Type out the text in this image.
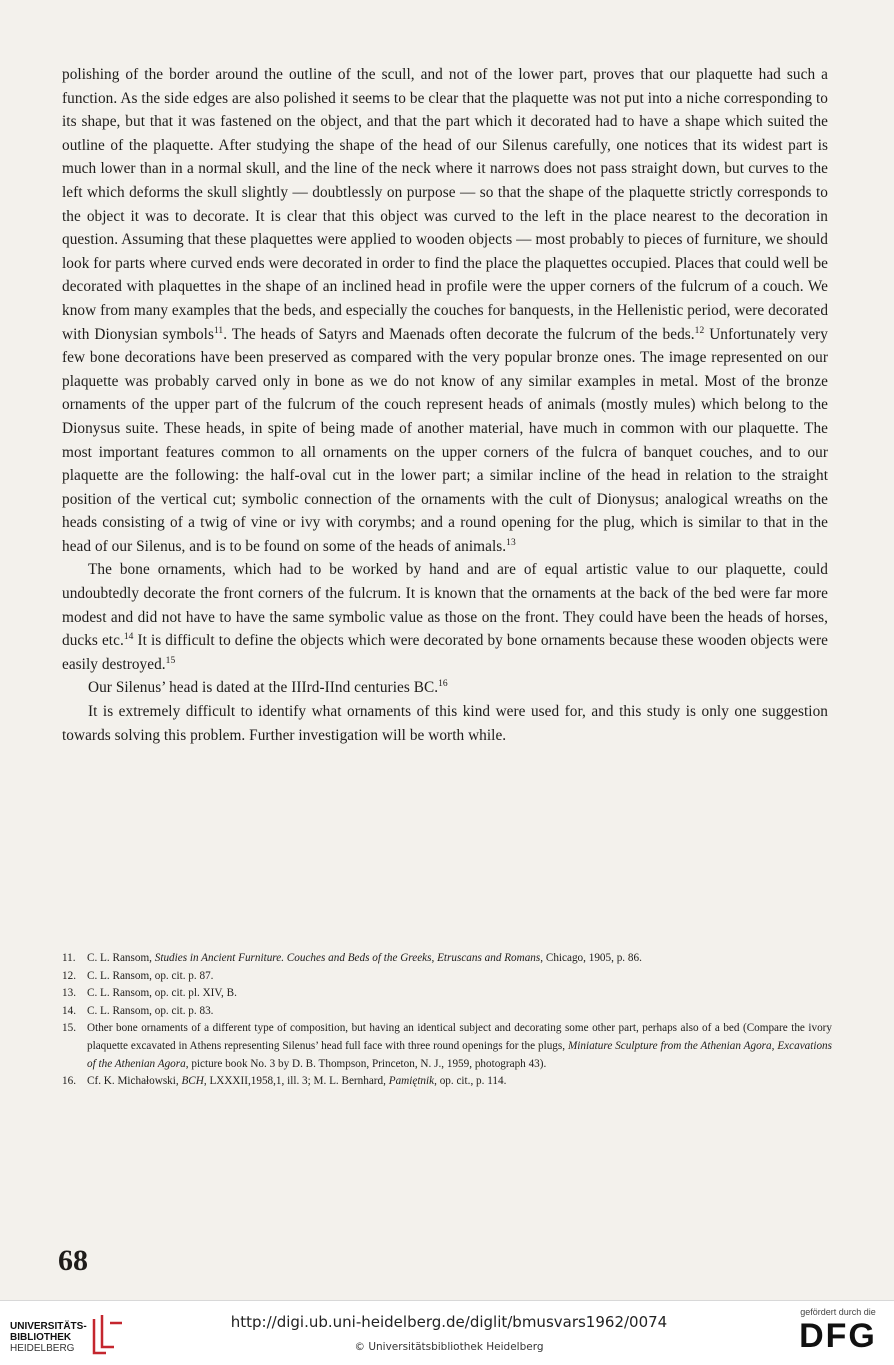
polishing of the border around the outline of the scull, and not of the lower part, proves that our plaquette had such a function. As the side edges are also polished it seems to be clear that the plaquette was not put into a niche corresponding to its shape, but that it was fastened on the object, and that the part which it decorated had to have a shape which suited the outline of the plaquette. After studying the shape of the head of our Silenus carefully, one notices that its widest part is much lower than in a normal skull, and the line of the neck where it narrows does not pass straight down, but curves to the left which deforms the skull slightly — doubtlessly on purpose — so that the shape of the plaquette strictly corresponds to the object it was to decorate. It is clear that this object was curved to the left in the place nearest to the decoration in question. Assuming that these plaquettes were applied to wooden objects — most probably to pieces of furniture, we should look for parts where curved ends were decorated in order to find the place the plaquettes occupied. Places that could well be decorated with plaquettes in the shape of an inclined head in profile were the upper corners of the fulcrum of a couch. We know from many examples that the beds, and especially the couches for banquests, in the Hellenistic period, were decorated with Dionysian symbols$^{11}$. The heads of Satyrs and Maenads often decorate the fulcrum of the beds.$^{12}$ Unfortunately very few bone decorations have been preserved as compared with the very popular bronze ones. The image represented on our plaquette was probably carved only in bone as we do not know of any similar examples in metal. Most of the bronze ornaments of the upper part of the fulcrum of the couch represent heads of animals (mostly mules) which belong to the Dionysus suite. These heads, in spite of being made of another material, have much in common with our plaquette. The most important features common to all ornaments on the upper corners of the fulcra of banquet couches, and to our plaquette are the following: the half-oval cut in the lower part; a similar incline of the head in relation to the straight position of the vertical cut; symbolic connection of the ornaments with the cult of Dionysus; analogical wreaths on the heads consisting of a twig of vine or ivy with corymbs; and a round opening for the plug, which is similar to that in the head of our Silenus, and is to be found on some of the heads of animals.$^{13}$

The bone ornaments, which had to be worked by hand and are of equal artistic value to our plaquette, could undoubtedly decorate the front corners of the fulcrum. It is known that the ornaments at the back of the bed were far more modest and did not have to have the same symbolic value as those on the front. They could have been the heads of horses, ducks etc.$^{14}$ It is difficult to define the objects which were decorated by bone ornaments because these wooden objects were easily destroyed.$^{15}$

Our Silenus’ head is dated at the IIIrd-IInd centuries BC.$^{16}$

It is extremely difficult to identify what ornaments of this kind were used for, and this study is only one suggestion towards solving this problem. Further investigation will be worth while.

11.	C. L. Ransom, Studies in Ancient Furniture. Couches and Beds of the Greeks, Etruscans and Romans, Chicago, 1905, p. 86.
12. C. L. Ransom, op. cit. p. 87.
13. C. L. Ransom, op. cit. pl. XIV, B.
14. C. L. Ransom, op. cit. p. 83.
15. Other bone ornaments of a different type of composition, but having an identical subject and decorating some other part, perhaps also of a bed (Compare the ivory plaquette excavated in Athens representing Silenus’ head full face with three round openings for the plugs, Miniature Sculpture from the Athenian Agora, Excavations of the Athenian Agora, picture book No. 3 by D. B. Thompson, Princeton, N. J., 1959, photograph 43).
16. Cf. K. Michałowski, BCH, LXXXII,1958,1, ill. 3; M. L. Bernhard, Pamiętnik, op. cit., p. 114.
68
UNIVERSITÄTS-
BIBLIOTHEK
HEIDELBERG
http://digi.ub.uni-heidelberg.de/diglit/bmusvars1962/0074
© Universitätsbibliothek Heidelberg
gefördert durch die
DFG
